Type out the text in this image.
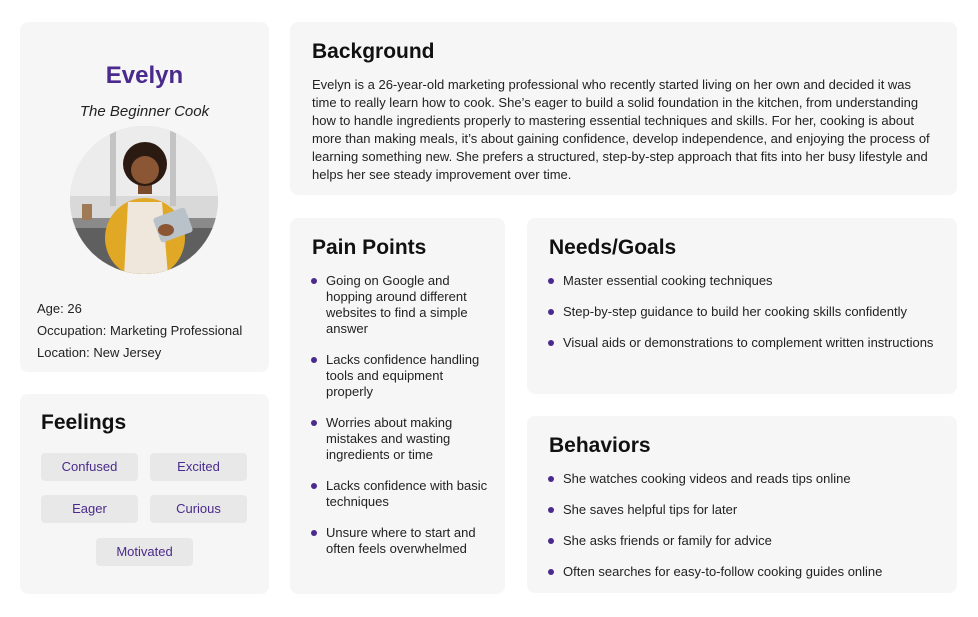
Evelyn
The Beginner Cook
Age: 26
Occupation: Marketing Professional
Location: New Jersey
Feelings
Confused	Excited
Eager	Curious
Motivated
Background
Evelyn is a 26-year-old marketing professional who recently started living on her own and decided it was time to really learn how to cook. She’s eager to build a solid foundation in the kitchen, from understanding how to handle ingredients properly to mastering essential techniques and skills. For her, cooking is about more than making meals, it’s about gaining confidence, develop independence, and enjoying the process of learning something new. She prefers a structured, step-by-step approach that fits into her busy lifestyle and helps her see steady improvement over time.
Pain Points
Going on Google and hopping around different websites to find a simple answer
Lacks confidence handling tools and equipment properly
Worries about making mistakes and wasting ingredients or time
Lacks confidence with basic techniques
Unsure where to start and often feels overwhelmed
Needs/Goals
Master essential cooking techniques
Step-by-step guidance to build her cooking skills confidently
Visual aids or demonstrations to complement written instructions
Behaviors
She watches cooking videos and reads tips online
She saves helpful tips for later
She asks friends or family for advice
Often searches for easy-to-follow cooking guides online
